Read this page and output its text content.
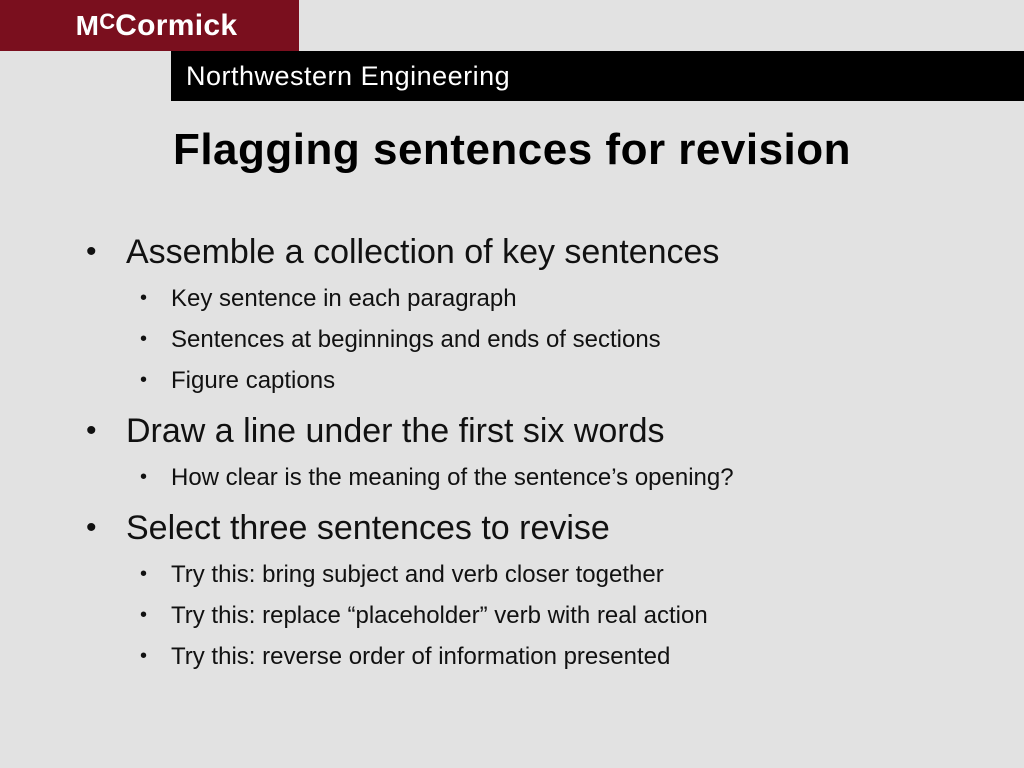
$M^CCormick$
Northwestern Engineering
Flagging sentences for revision

• Assemble a collection of key sentences

• Key sentence in each paragraph
• Sentences at beginnings and ends of sections
• Figure captions

• Draw a line under the first six words

• How clear is the meaning of the sentence’s opening?

• Select three sentences to revise

• Try this: bring subject and verb closer together
• Try this: replace “placeholder” verb with real action
• Try this: reverse order of information presented
